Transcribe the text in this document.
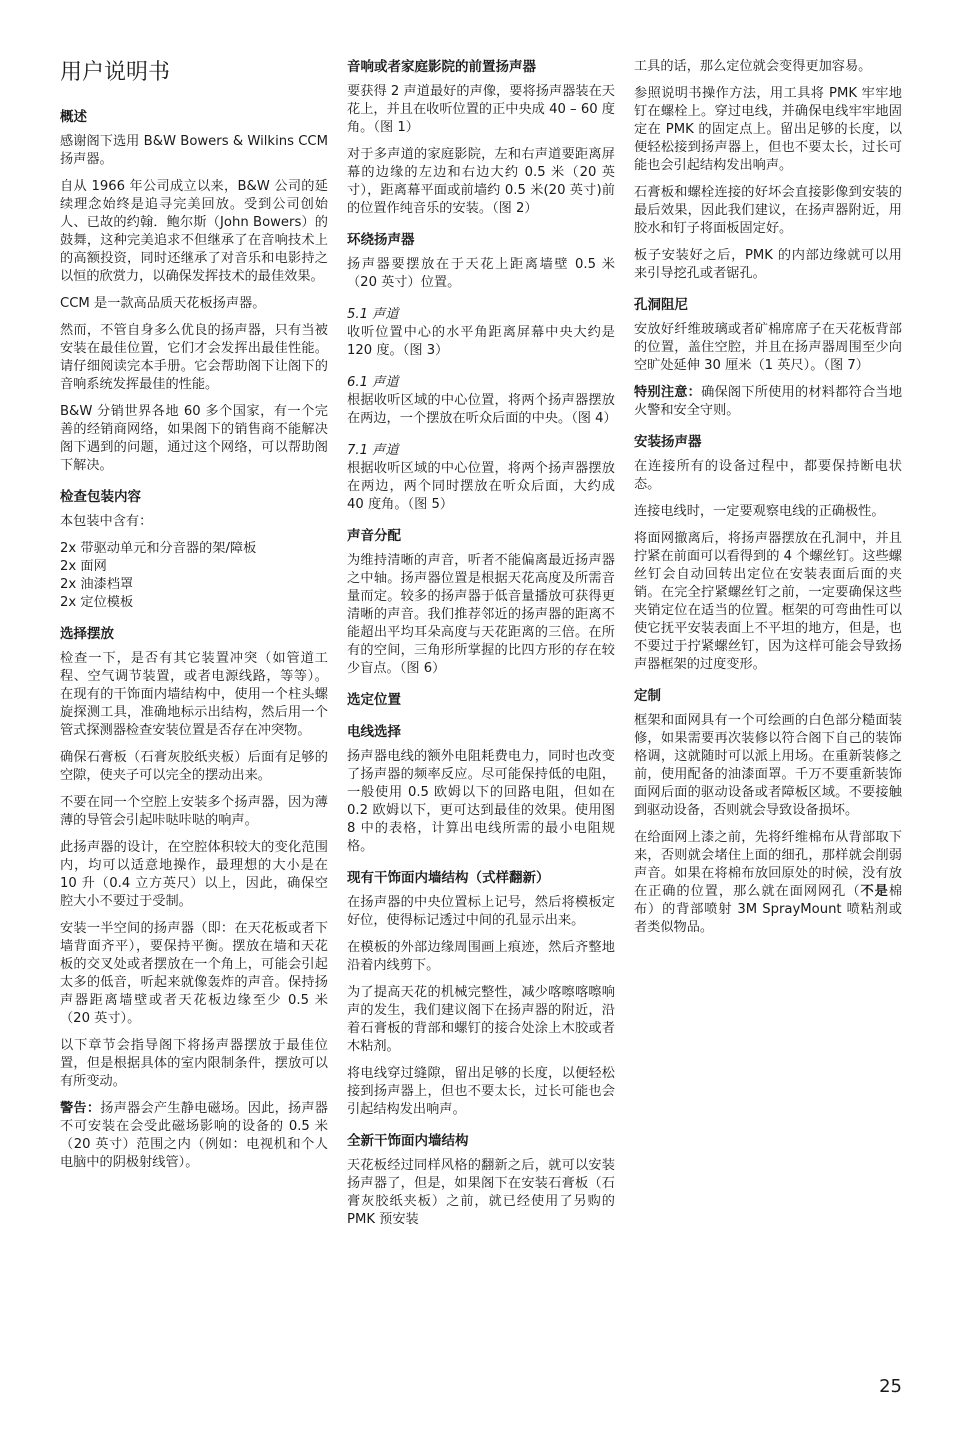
用户说明书
概述

感谢阁下选用 B&W Bowers & Wilkins CCM 扬声器。

自从 1966 年公司成立以来，B&W 公司的延续理念始终是追寻完美回放。受到公司创始人、已故的约翰．鲍尔斯（John Bowers）的鼓舞，这种完美追求不但继承了在音响技术上的高额投资，同时还继承了对音乐和电影持之以恒的欣赏力，以确保发挥技术的最佳效果。

CCM 是一款高品质天花板扬声器。

然而，不管自身多么优良的扬声器，只有当被安装在最佳位置，它们才会发挥出最佳性能。请仔细阅读完本手册。它会帮助阁下让阁下的音响系统发挥最佳的性能。

B&W 分销世界各地 60 多个国家，有一个完善的经销商网络，如果阁下的销售商不能解决阁下遇到的问题，通过这个网络，可以帮助阁下解决。

检查包装内容

本包装中含有：

2x 带驱动单元和分音器的架/障板
2x 面网
2x 油漆档罩
2x 定位模板
选择摆放

检查一下，是否有其它装置冲突（如管道工程、空气调节装置，或者电源线路，等等）。在现有的干饰面内墙结构中，使用一个柱头螺旋探测工具，准确地标示出结构，然后用一个管式探测器检查安装位置是否存在冲突物。

确保石膏板（石膏灰胶纸夹板）后面有足够的空隙，使夹子可以完全的摆动出来。

不要在同一个空腔上安装多个扬声器，因为薄薄的导管会引起咔哒咔哒的响声。

此扬声器的设计，在空腔体积较大的变化范围内，均可以适意地操作，最理想的大小是在 10 升（0.4 立方英尺）以上，因此，确保空腔大小不要过于受制。

安装一半空间的扬声器（即：在天花板或者下墙背面齐平），要保持平衡。摆放在墙和天花板的交叉处或者摆放在一个角上，可能会引起太多的低音，听起来就像轰炸的声音。保持扬声器距离墙壁或者天花板边缘至少 0.5 米（20 英寸）。

以下章节会指导阁下将扬声器摆放于最佳位置，但是根据具体的室内限制条件，摆放可以有所变动。

警告：扬声器会产生静电磁场。因此，扬声器不可安装在会受此磁场影响的设备的 0.5 米（20 英寸）范围之内（例如：电视机和个人电脑中的阴极射线管）。

音响或者家庭影院的前置扬声器

要获得 2 声道最好的声像，要将扬声器装在天花上，并且在收听位置的正中央成 40 – 60 度角。（图 1）

对于多声道的家庭影院，左和右声道要距离屏幕的边缘的左边和右边大约 0.5 米（20 英寸），距离幕平面或前墙约 0.5 米(20 英寸)前的位置作纯音乐的安装。（图 2）

环绕扬声器

扬声器要摆放在于天花上距离墙壁 0.5 米（20 英寸）位置。

5.1 声道
收听位置中心的水平角距离屏幕中央大约是 120 度。（图 3）

6.1 声道
根据收听区域的中心位置，将两个扬声器摆放在两边，一个摆放在听众后面的中央。（图 4）

7.1 声道
根据收听区域的中心位置，将两个扬声器摆放在两边，两个同时摆放在听众后面，大约成 40 度角。（图 5）

声音分配

为维持清晰的声音，听者不能偏离最近扬声器之中轴。扬声器位置是根据天花高度及所需音量而定。较多的扬声器于低音量播放可获得更清晰的声音。我们推荐邻近的扬声器的距离不能超出平均耳朵高度与天花距离的三倍。在所有的空间，三角形所掌握的比四方形的存在较少盲点。（图 6）

选定位置
电线选择

扬声器电线的额外电阻耗费电力，同时也改变了扬声器的频率反应。尽可能保持低的电阻，一般使用 0.5 欧姆以下的回路电阻，但如在 0.2 欧姆以下，更可达到最佳的效果。使用图 8 中的表格，计算出电线所需的最小电阻规格。

现有干饰面内墙结构（式样翻新）

在扬声器的中央位置标上记号，然后将模板定好位，使得标记透过中间的孔显示出来。

在模板的外部边缘周围画上痕迹，然后齐整地沿着内线剪下。

为了提高天花的机械完整性，减少喀嚓喀嚓响声的发生，我们建议阁下在扬声器的附近，沿着石膏板的背部和螺钉的接合处涂上木胶或者木粘剂。

将电线穿过缝隙，留出足够的长度，以便轻松接到扬声器上，但也不要太长，过长可能也会引起结构发出响声。

全新干饰面内墙结构

天花板经过同样风格的翻新之后，就可以安装扬声器了，但是，如果阁下在安装石膏板（石膏灰胶纸夹板）之前，就已经使用了另购的 PMK 预安装

工具的话，那么定位就会变得更加容易。

参照说明书操作方法，用工具将 PMK 牢牢地钉在螺栓上。穿过电线，并确保电线牢牢地固定在 PMK 的固定点上。留出足够的长度，以便轻松接到扬声器上，但也不要太长，过长可能也会引起结构发出响声。

石膏板和螺栓连接的好坏会直接影像到安装的最后效果，因此我们建议，在扬声器附近，用胶水和钉子将面板固定好。

板子安装好之后，PMK 的内部边缘就可以用来引导挖孔或者锯孔。

孔洞阻尼

安放好纤维玻璃或者矿棉席席子在天花板背部的位置，盖住空腔，并且在扬声器周围至少向空旷处延伸 30 厘米（1 英尺）。（图 7）

特别注意：确保阁下所使用的材料都符合当地火警和安全守则。

安装扬声器

在连接所有的设备过程中，都要保持断电状态。

连接电线时，一定要观察电线的正确极性。

将面网撤离后，将扬声器摆放在孔洞中，并且拧紧在前面可以看得到的 4 个螺丝钉。这些螺丝钉会自动回转出定位在安装表面后面的夹销。在完全拧紧螺丝钉之前，一定要确保这些夹销定位在适当的位置。框架的可弯曲性可以使它抚平安装表面上不平坦的地方，但是，也不要过于拧紧螺丝钉，因为这样可能会导致扬声器框架的过度变形。

定制

框架和面网具有一个可绘画的白色部分糙面装修，如果需要再次装修以符合阁下自己的装饰格调，这就随时可以派上用场。在重新装修之前，使用配备的油漆面罩。千万不要重新装饰面网后面的驱动设备或者障板区域。不要接触到驱动设备，否则就会导致设备损坏。

在给面网上漆之前，先将纤维棉布从背部取下来，否则就会堵住上面的细孔，那样就会削弱声音。如果在将棉布放回原处的时候，没有放在正确的位置，那么就在面网网孔（不是棉布）的背部喷射 3M SprayMount 喷粘剂或者类似物品。

25
